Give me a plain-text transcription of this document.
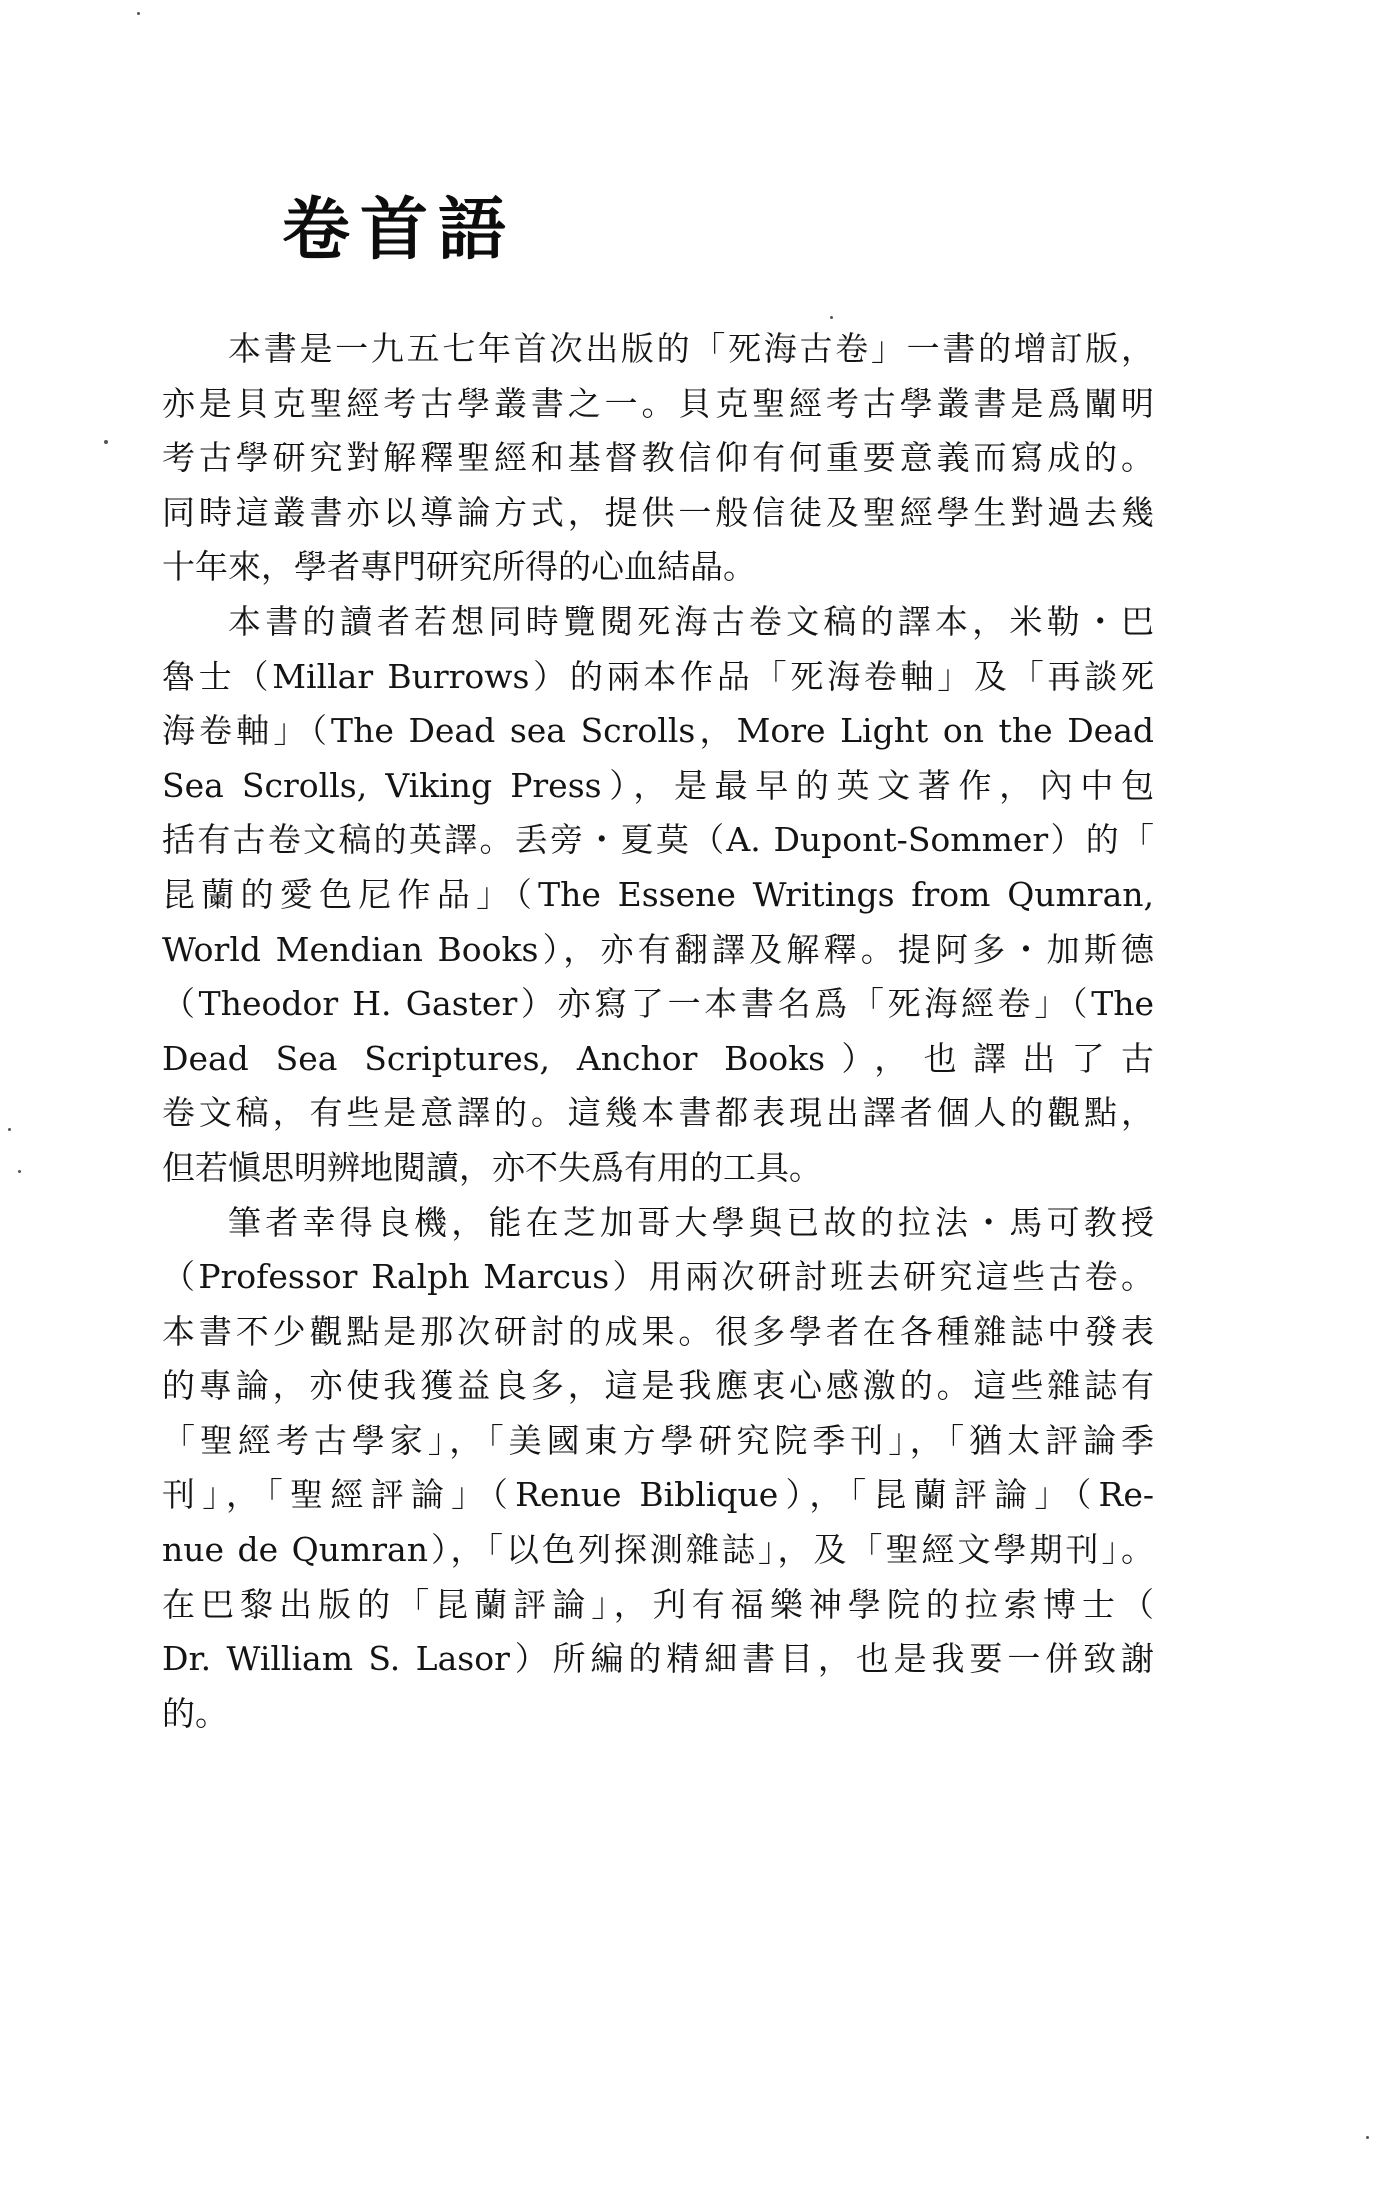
卷首語
本書是一九五七年首次出版的「死海古卷」一書的增訂版，
亦是貝克聖經考古學叢書之一。貝克聖經考古學叢書是爲闡明
考古學研究對解釋聖經和基督教信仰有何重要意義而寫成的。
同時這叢書亦以導論方式，提供一般信徒及聖經學生對過去幾
十年來，學者專門研究所得的心血結晶。
本書的讀者若想同時覽閱死海古卷文稿的譯本，米勒・巴
魯士（Millar Burrows）的兩本作品「死海卷軸」及「再談死
海卷軸」（The Dead sea Scrolls，More Light on the Dead
Sea Scrolls, Viking Press），是最早的英文著作，內中包
括有古卷文稿的英譯。丢旁・夏莫（A. Dupont-Sommer）的「
昆蘭的愛色尼作品」（The Essene Writings from Qumran,
World Mendian Books），亦有翻譯及解釋。提阿多・加斯德
（Theodor H. Gaster）亦寫了一本書名爲「死海經卷」（The
Dead Sea Scriptures, Anchor Books），也譯出了古
卷文稿，有些是意譯的。這幾本書都表現出譯者個人的觀點，
但若愼思明辨地閱讀，亦不失爲有用的工具。
筆者幸得良機，能在芝加哥大學與已故的拉法・馬可教授
（Professor Ralph Marcus）用兩次硏討班去研究這些古卷。
本書不少觀點是那次研討的成果。很多學者在各種雜誌中發表
的專論，亦使我獲益良多，這是我應衷心感激的。這些雜誌有
「聖經考古學家」，「美國東方學硏究院季刊」，「猶太評論季
刊」，「聖經評論」（Renue Biblique），「昆蘭評論」（Re-
nue de Qumran），「以色列探測雜誌」，及「聖經文學期刊」。
在巴黎出版的「昆蘭評論」，刋有福樂神學院的拉索博士（
Dr. William S. Lasor）所編的精細書目，也是我要一併致謝
的。
